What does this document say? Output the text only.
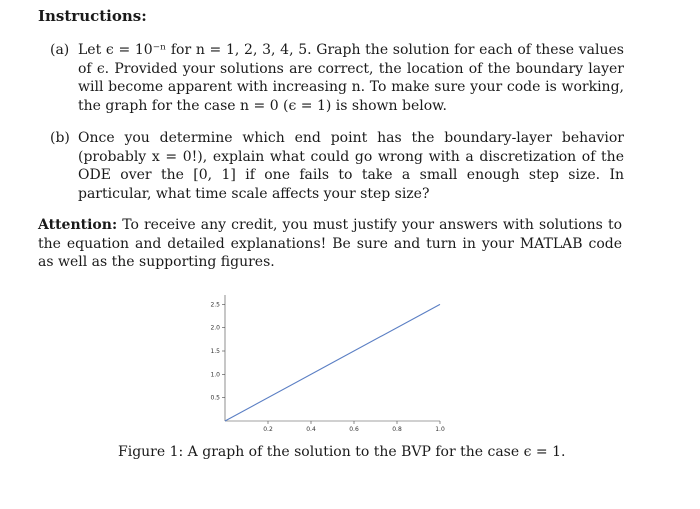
Instructions:
(a) Let ϵ = 10⁻ⁿ for n = 1, 2, 3, 4, 5. Graph the solution for each of these values of ϵ. Provided your solutions are correct, the location of the boundary layer will become apparent with increasing n. To make sure your code is working, the graph for the case n = 0 (ϵ = 1) is shown below.
(b) Once you determine which end point has the boundary-layer behavior (probably x = 0!), explain what could go wrong with a discretization of the ODE over the [0, 1] if one fails to take a small enough step size. In particular, what time scale affects your step size?
Attention: To receive any credit, you must justify your answers with solutions to the equation and detailed explanations! Be sure and turn in your MATLAB code as well as the supporting figures.
0.2	0.4	0.6	0.8	1.0
0.5
1.0
1.5
2.0
2.5
Figure 1: A graph of the solution to the BVP for the case ϵ = 1.
